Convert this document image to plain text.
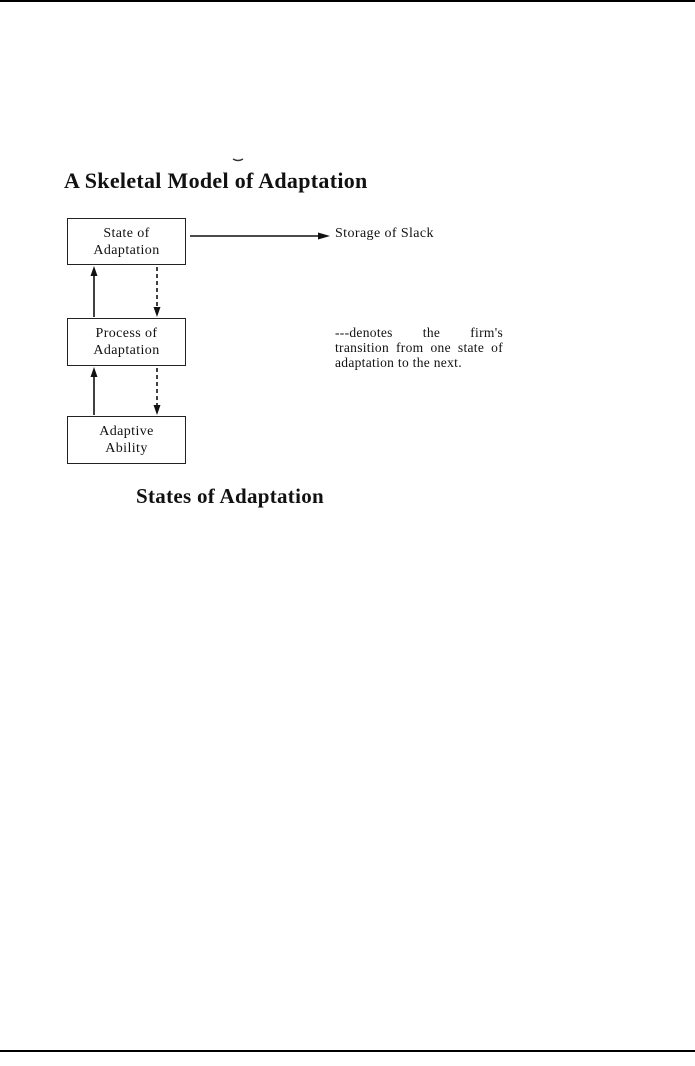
A Skeletal Model of Adaptation
State of
Adaptation
Process of
Adaptation
Adaptive
Ability
Storage of Slack

---denotes the firm's transition from one state of adaptation to the next.

States of Adaptation
